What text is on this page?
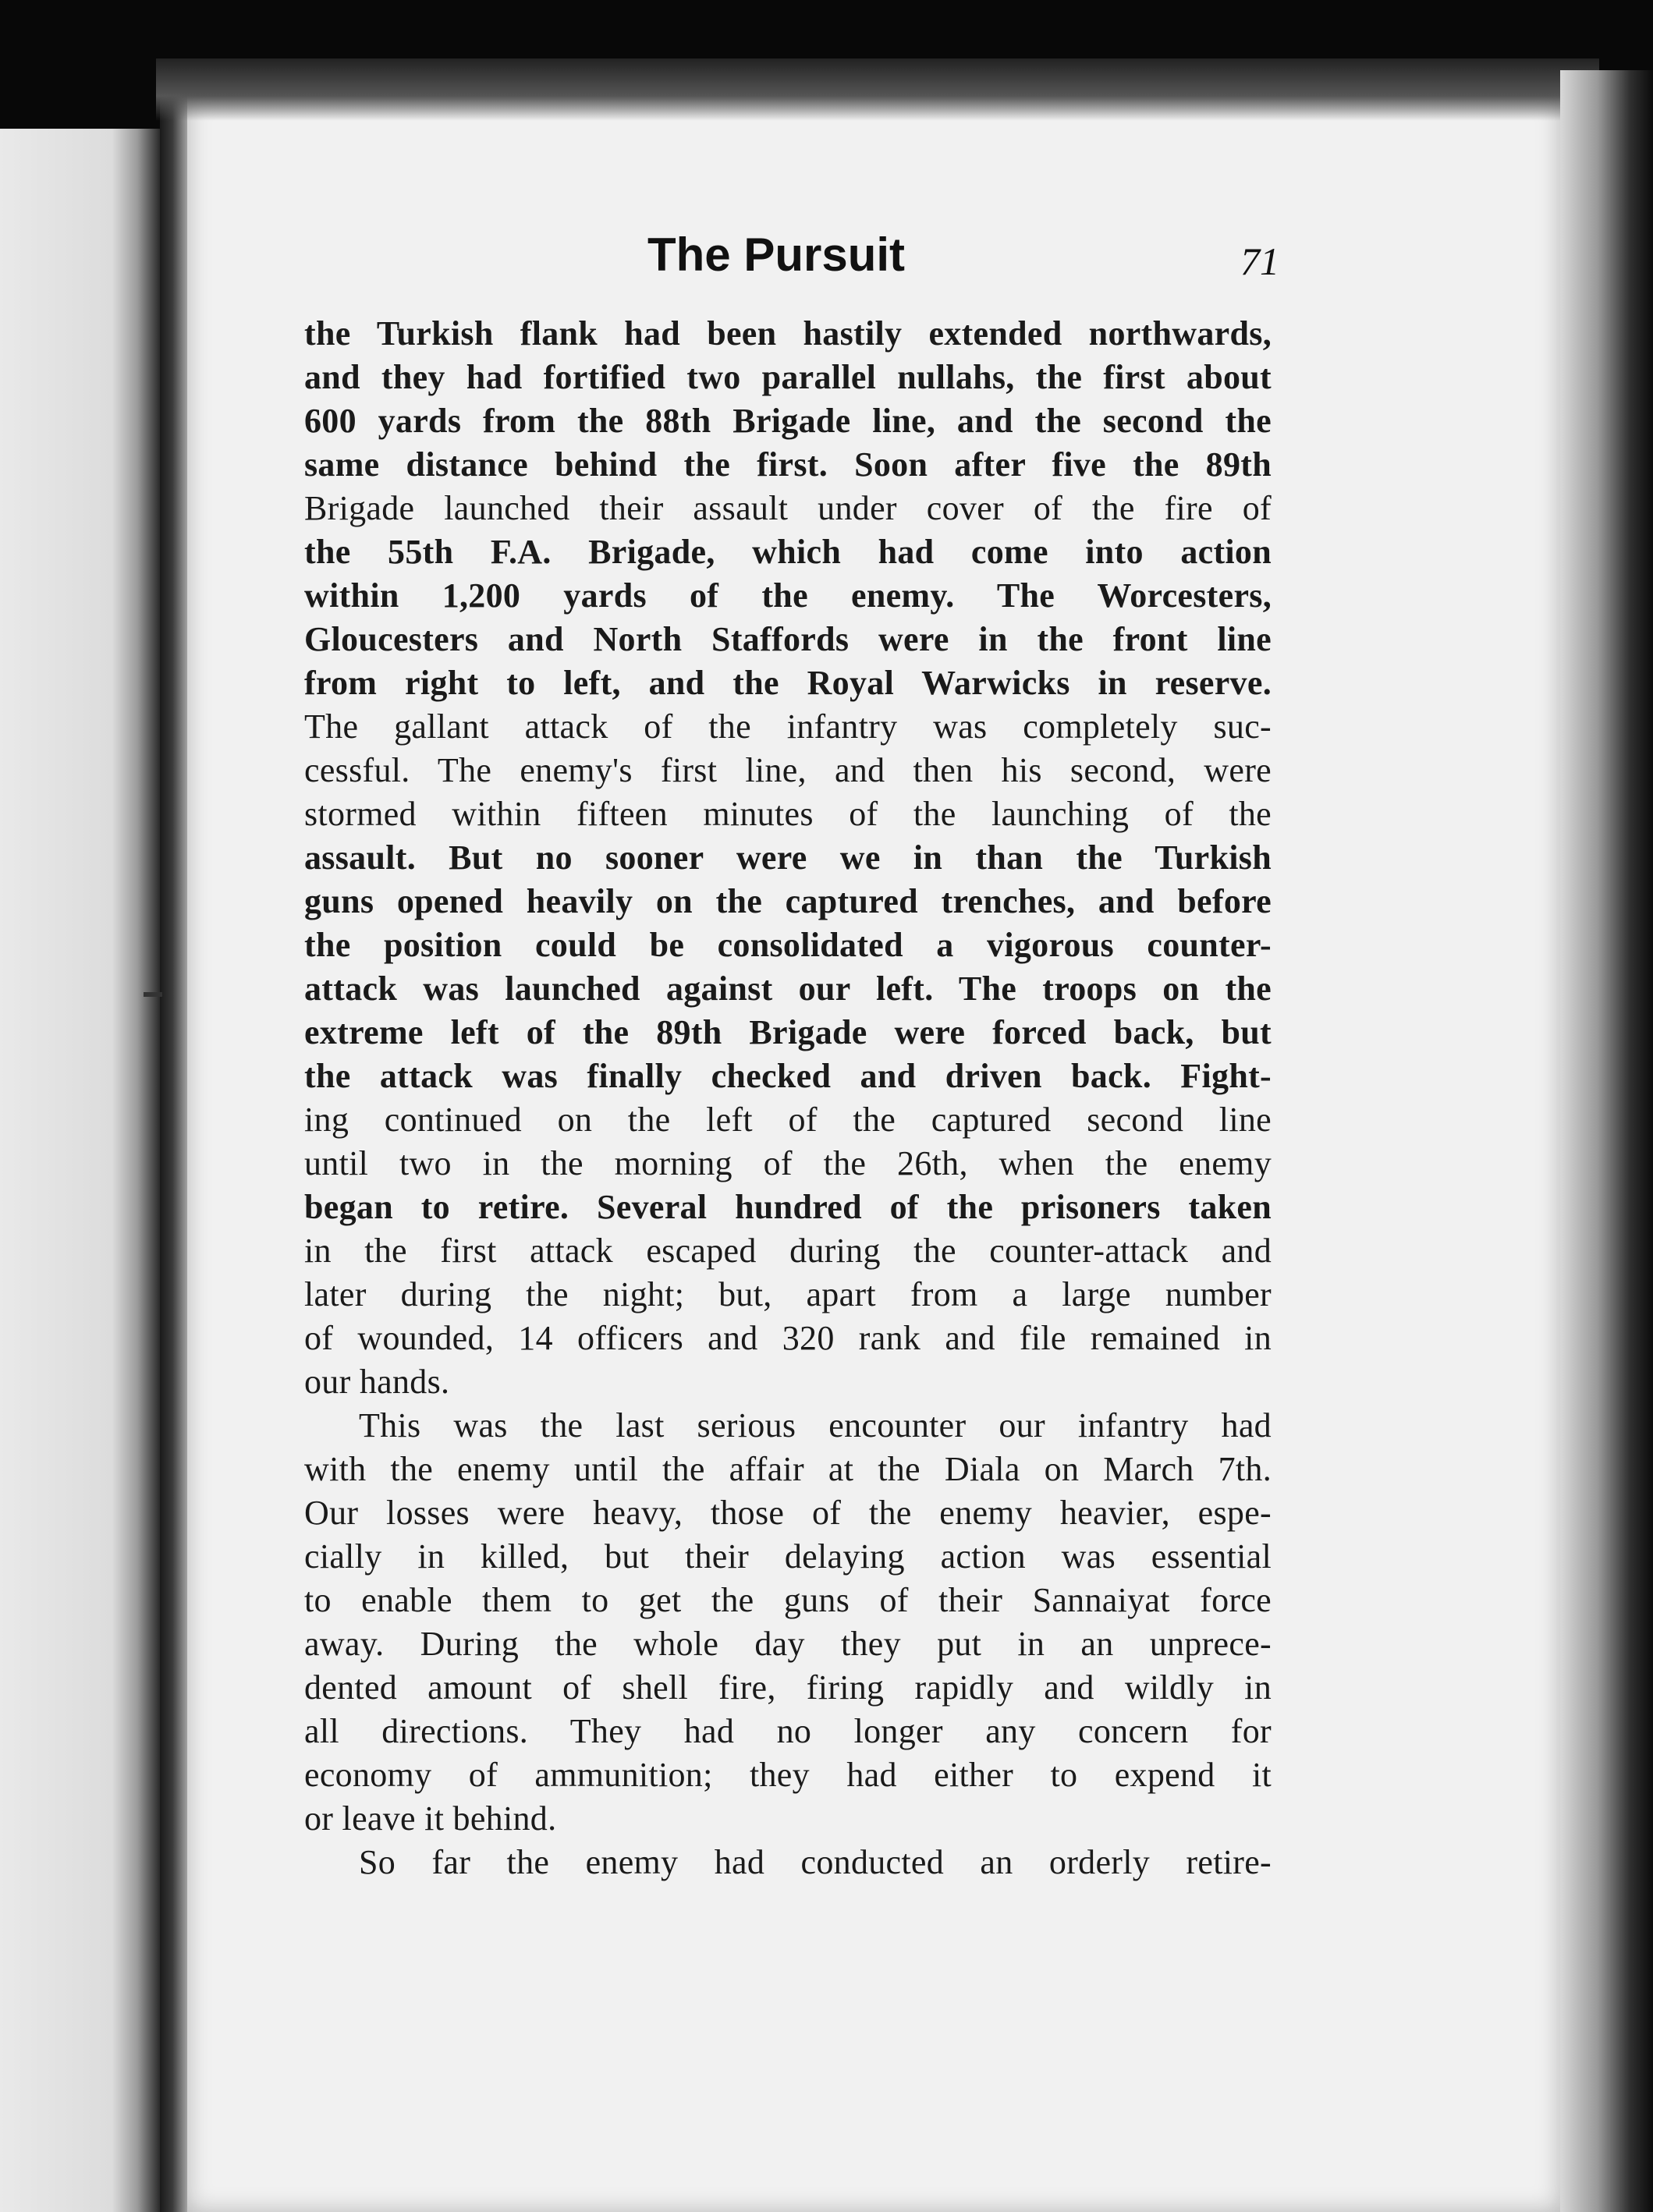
The Pursuit	71
the Turkish flank had been hastily extended northwards,
and they had fortified two parallel nullahs, the first about
600 yards from the 88th Brigade line, and the second the
same distance behind the first. Soon after five the 89th
Brigade launched their assault under cover of the fire of
the 55th F.A. Brigade, which had come into action
within 1,200 yards of the enemy. The Worcesters,
Gloucesters and North Staffords were in the front line
from right to left, and the Royal Warwicks in reserve.
The gallant attack of the infantry was completely suc-
cessful. The enemy's first line, and then his second, were
stormed within fifteen minutes of the launching of the
assault. But no sooner were we in than the Turkish
guns opened heavily on the captured trenches, and before
the position could be consolidated a vigorous counter-
attack was launched against our left. The troops on the
extreme left of the 89th Brigade were forced back, but
the attack was finally checked and driven back. Fight-
ing continued on the left of the captured second line
until two in the morning of the 26th, when the enemy
began to retire. Several hundred of the prisoners taken
in the first attack escaped during the counter-attack and
later during the night; but, apart from a large number
of wounded, 14 officers and 320 rank and file remained in
our hands.
This was the last serious encounter our infantry had
with the enemy until the affair at the Diala on March 7th.
Our losses were heavy, those of the enemy heavier, espe-
cially in killed, but their delaying action was essential
to enable them to get the guns of their Sannaiyat force
away. During the whole day they put in an unprece-
dented amount of shell fire, firing rapidly and wildly in
all directions. They had no longer any concern for
economy of ammunition; they had either to expend it
or leave it behind.
So far the enemy had conducted an orderly retire-
